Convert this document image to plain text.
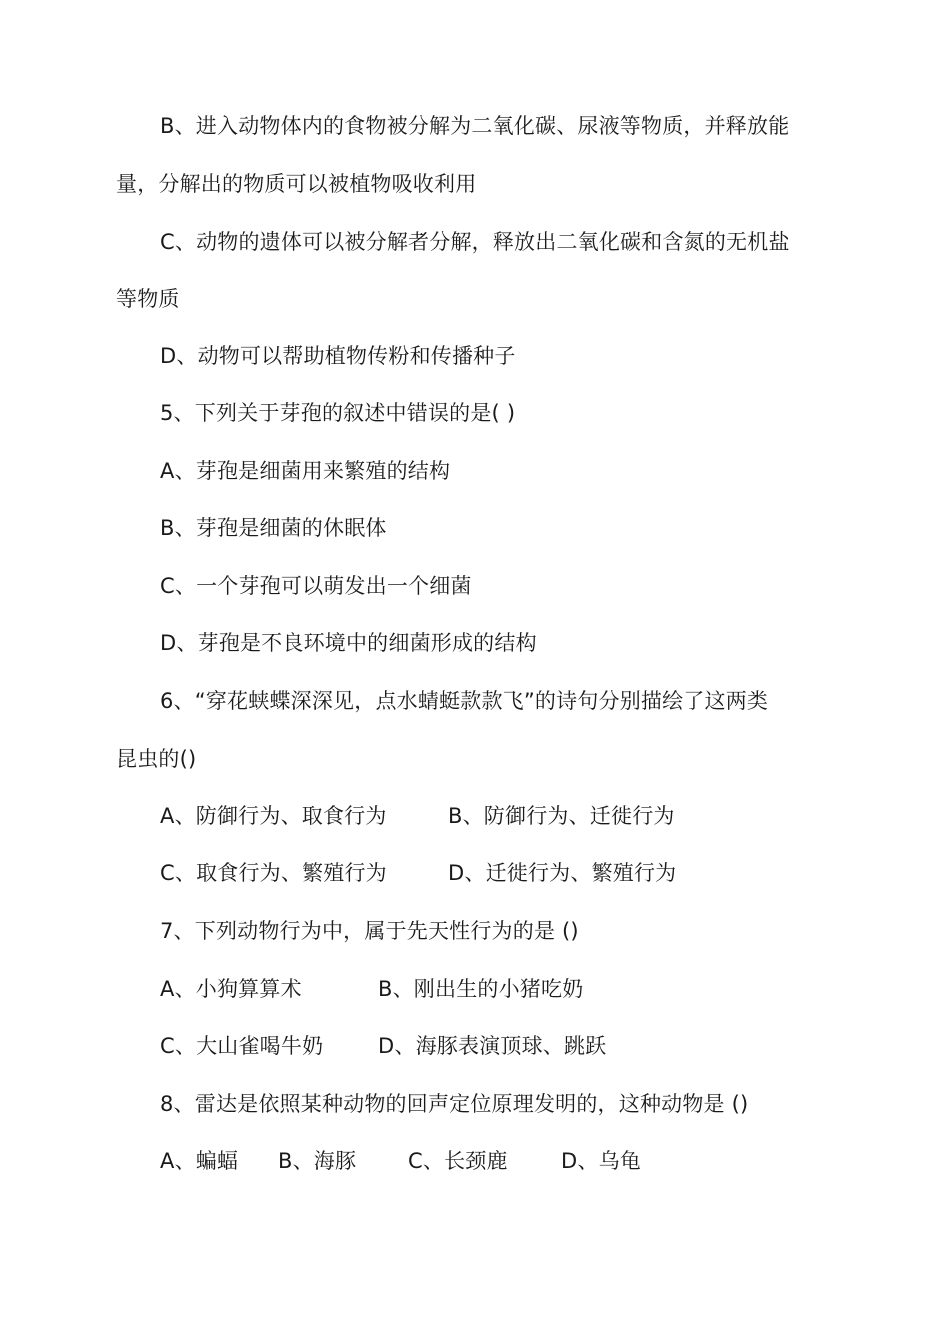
B、进入动物体内的食物被分解为二氧化碳、尿液等物质，并释放能
量，分解出的物质可以被植物吸收利用
C、动物的遗体可以被分解者分解，释放出二氧化碳和含氮的无机盐
等物质
D、动物可以帮助植物传粉和传播种子
5、下列关于芽孢的叙述中错误的是( )
A、芽孢是细菌用来繁殖的结构
B、芽孢是细菌的休眠体
C、一个芽孢可以萌发出一个细菌
D、芽孢是不良环境中的细菌形成的结构
6、“穿花蛱蝶深深见，点水蜻蜓款款飞”的诗句分别描绘了这两类
昆虫的()
A、防御行为、取食行为	B、防御行为、迁徙行为
C、取食行为、繁殖行为	D、迁徙行为、繁殖行为
7、下列动物行为中，属于先天性行为的是 ()
A、小狗算算术	B、刚出生的小猪吃奶
C、大山雀喝牛奶	D、海豚表演顶球、跳跃
8、雷达是依照某种动物的回声定位原理发明的，这种动物是 ()
A、蝙蝠 B、海豚 C、长颈鹿	D、乌龟
